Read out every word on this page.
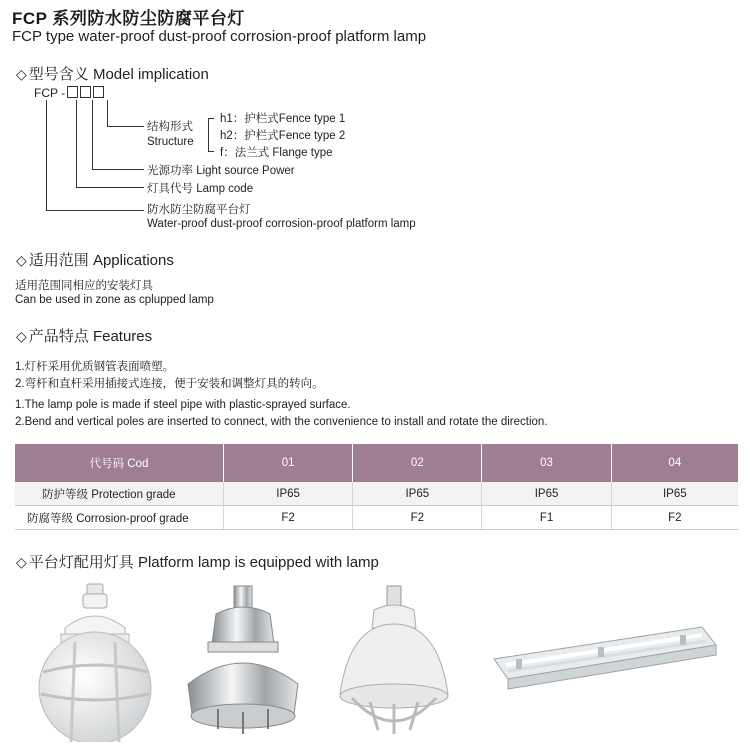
FCP 系列防水防尘防腐平台灯
FCP type water-proof dust-proof corrosion-proof platform lamp
◇ 型号含义 Model implication
FCP -
结构形式
Structure
h1：护栏式Fence type 1
h2：护栏式Fence type 2
f：法兰式 Flange type
光源功率 Light source Power
灯具代号 Lamp code
防水防尘防腐平台灯
Water-proof dust-proof corrosion-proof platform lamp
◇ 适用范围 Applications
适用范围同相应的安装灯具
Can be used in zone as cplupped lamp
◇ 产品特点 Features
1.灯杆采用优质钢管表面喷塑。
2.弯杆和直杆采用插接式连接，便于安装和调整灯具的转向。
1.The lamp pole is made if steel pipe with plastic-sprayed surface.
2.Bend and vertical poles are inserted to connect, with the convenience to install and rotate the direction.
代号码 Cod	01	02	03	04
防护等级 Protection grade	IP65	IP65	IP65	IP65
防腐等级 Corrosion-proof grade	F2	F2	F1	F2
◇ 平台灯配用灯具 Platform lamp is equipped with lamp
